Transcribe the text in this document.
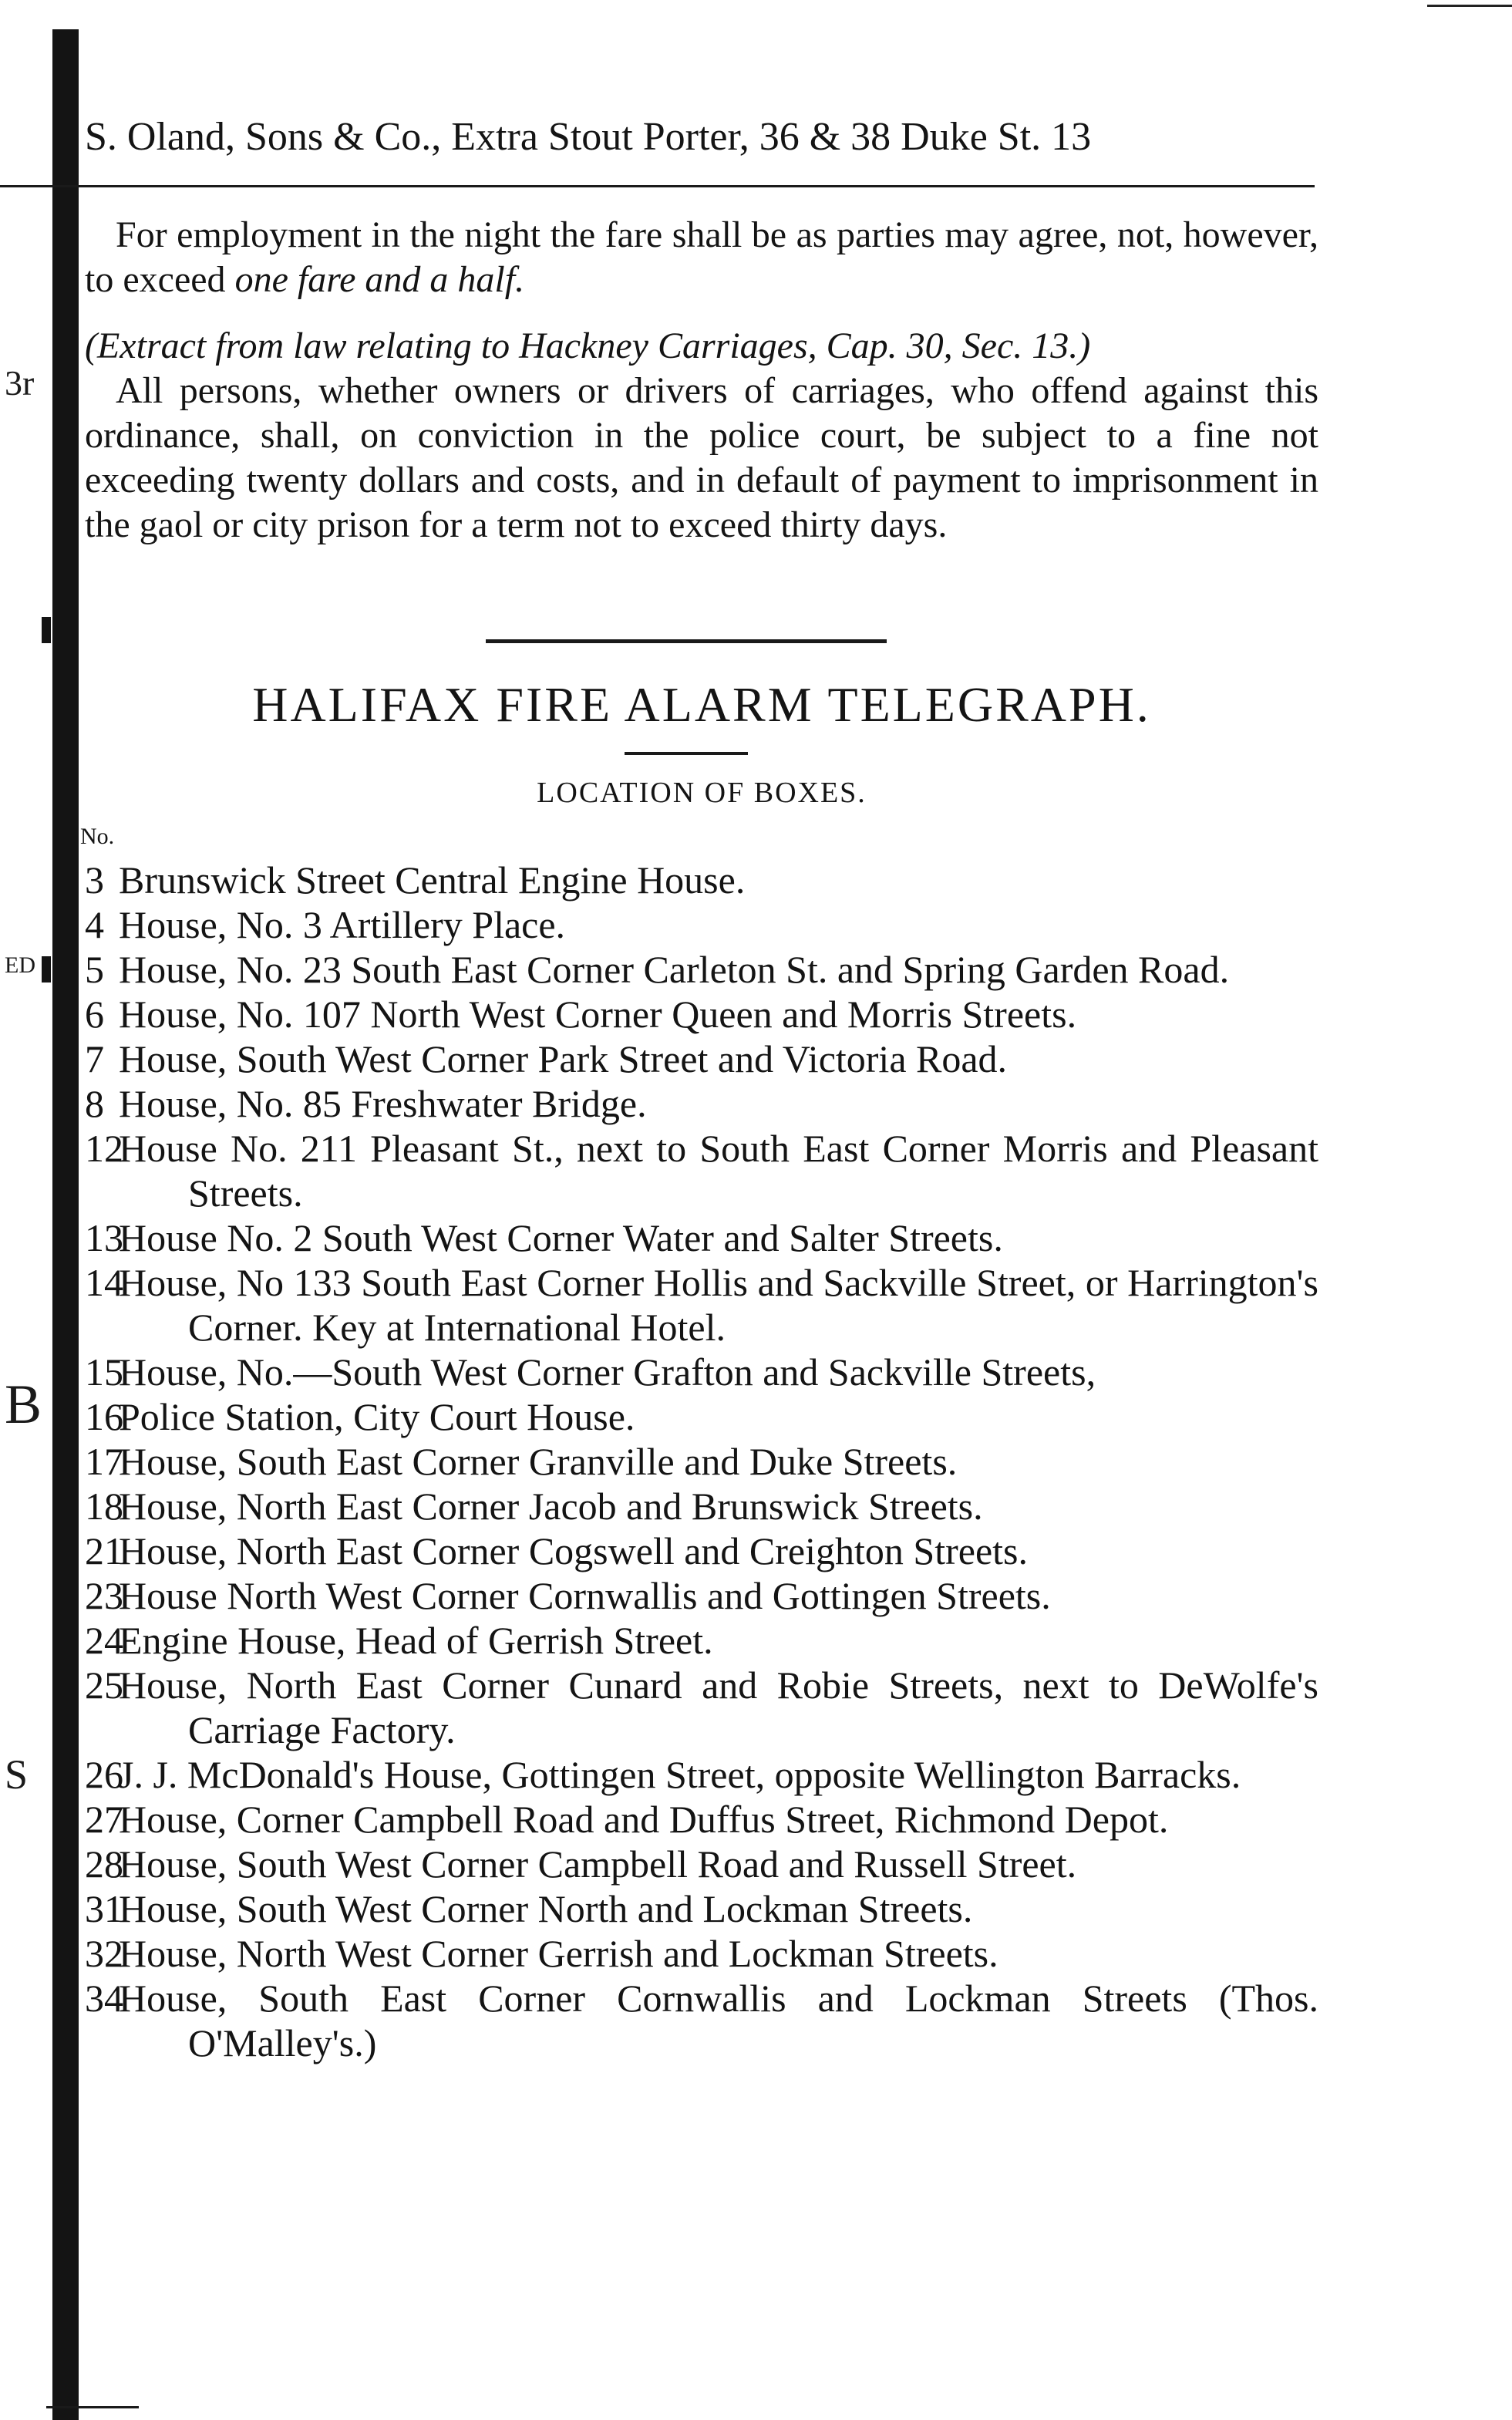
3r
ED
B
S
S. Oland, Sons & Co., Extra Stout Porter, 36 & 38 Duke St. 13
For employment in the night the fare shall be as parties may agree, not, however, to exceed one fare and a half.
(Extract from law relating to Hackney Carriages, Cap. 30, Sec. 13.)
All persons, whether owners or drivers of carriages, who offend against this ordinance, shall, on conviction in the police court, be subject to a fine not exceeding twenty dollars and costs, and in default of payment to imprisonment in the gaol or city prison for a term not to exceed thirty days.
HALIFAX FIRE ALARM TELEGRAPH.
LOCATION OF BOXES.
No.
3 Brunswick Street Central Engine House.
4 House, No. 3 Artillery Place.
5 House, No. 23 South East Corner Carleton St. and Spring Garden Road.
6 House, No. 107 North West Corner Queen and Morris Streets.
7 House, South West Corner Park Street and Victoria Road.
8 House, No. 85 Freshwater Bridge.
12
House No. 211 Pleasant St., next to South East Corner Morris and Pleasant Streets.
13
House No. 2 South West Corner Water and Salter Streets.
14
House, No 133 South East Corner Hollis and Sackville Street, or Harrington's Corner. Key at International Hotel.
15
House, No.—South West Corner Grafton and Sackville Streets,
16
Police Station, City Court House.
17
House, South East Corner Granville and Duke Streets.
18
House, North East Corner Jacob and Brunswick Streets.
21
House, North East Corner Cogswell and Creighton Streets.
23
House North West Corner Cornwallis and Gottingen Streets.
24
Engine House, Head of Gerrish Street.
25
House, North East Corner Cunard and Robie Streets, next to DeWolfe's Carriage Factory.
26
J. J. McDonald's House, Gottingen Street, opposite Wellington Barracks.
27
House, Corner Campbell Road and Duffus Street, Richmond Depot.
28
House, South West Corner Campbell Road and Russell Street.
31
House, South West Corner North and Lockman Streets.
32
House, North West Corner Gerrish and Lockman Streets.
34
House, South East Corner Cornwallis and Lockman Streets (Thos. O'Malley's.)
